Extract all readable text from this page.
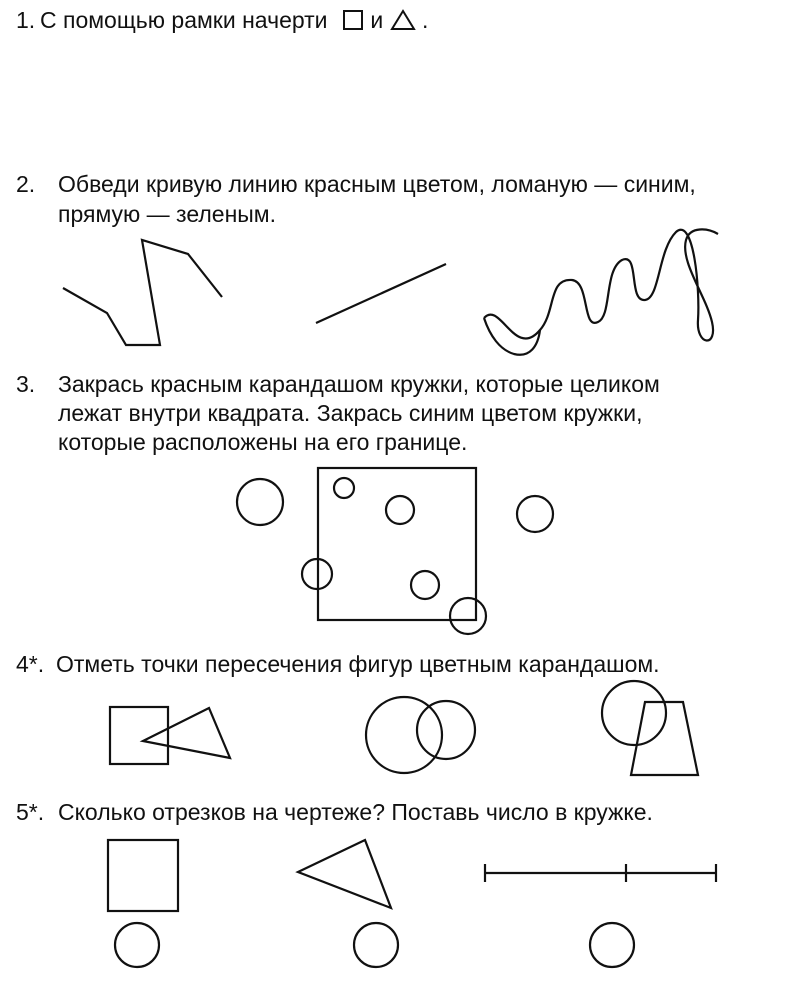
1. С помощью рамки начерти и .
2. Обведи кривую линию красным цветом, ломаную — синим,
прямую — зеленым.
3. Закрась красным карандашом кружки, которые целиком
лежат внутри квадрата. Закрась синим цветом кружки,
которые расположены на его границе.
4*. Отметь точки пересечения фигур цветным карандашом.
5*. Сколько отрезков на чертеже? Поставь число в кружке.
